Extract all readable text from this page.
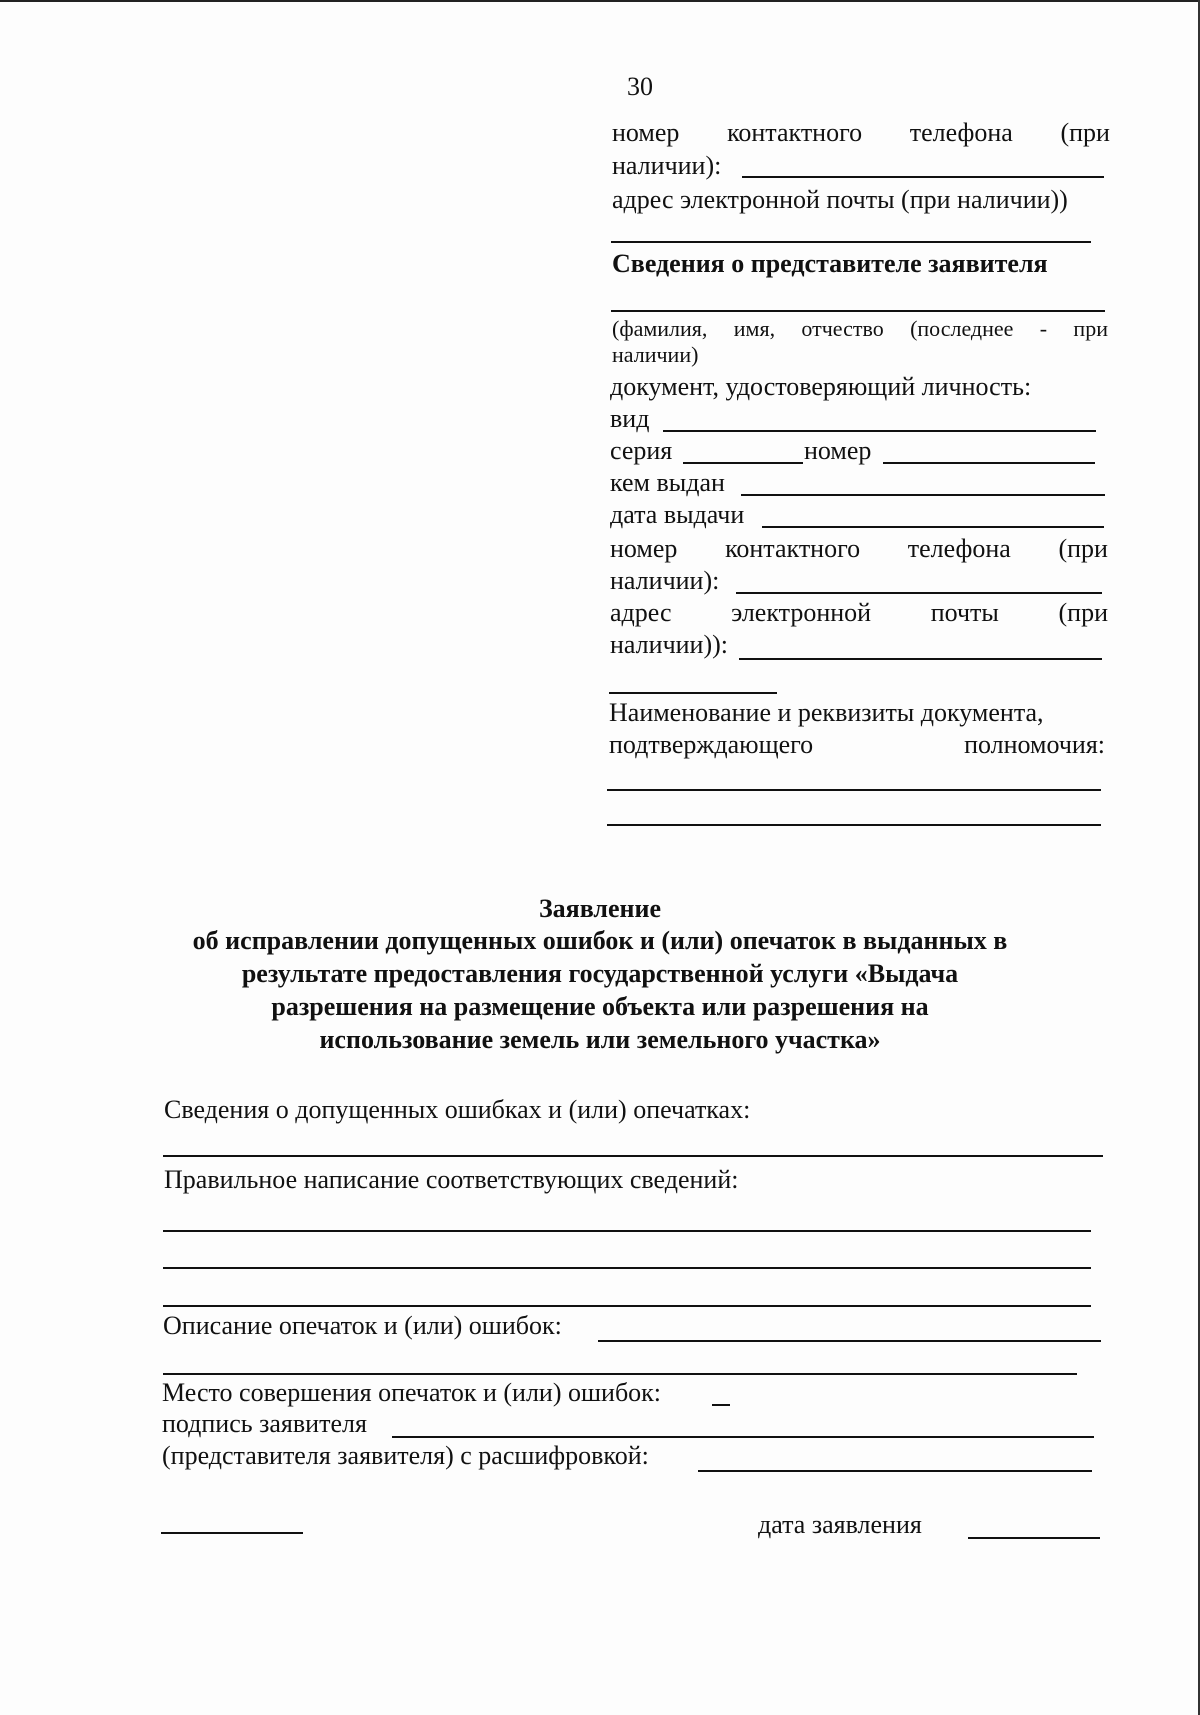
30
номер контактного телефона (при
наличии):
адрес электронной почты (при наличии))
Сведения о представителе заявителя
(фамилия, имя, отчество (последнее - при
наличии)
документ, удостоверяющий личность:
вид
серия	номер
кем выдан
дата выдачи
номер контактного телефона (при
наличии):
адрес электронной почты (при
наличии)):
Наименование и реквизиты документа,
подтверждающего	полномочия:
Заявление
об исправлении допущенных ошибок и (или) опечаток в выданных в
результате предоставления государственной услуги «Выдача
разрешения на размещение объекта или разрешения на
использование земель или земельного участка»
Сведения о допущенных ошибках и (или) опечатках:
Правильное написание соответствующих сведений:
Описание опечаток и (или) ошибок:
Место совершения опечаток и (или) ошибок:
подпись заявителя
(представителя заявителя) с расшифровкой:
дата заявления
